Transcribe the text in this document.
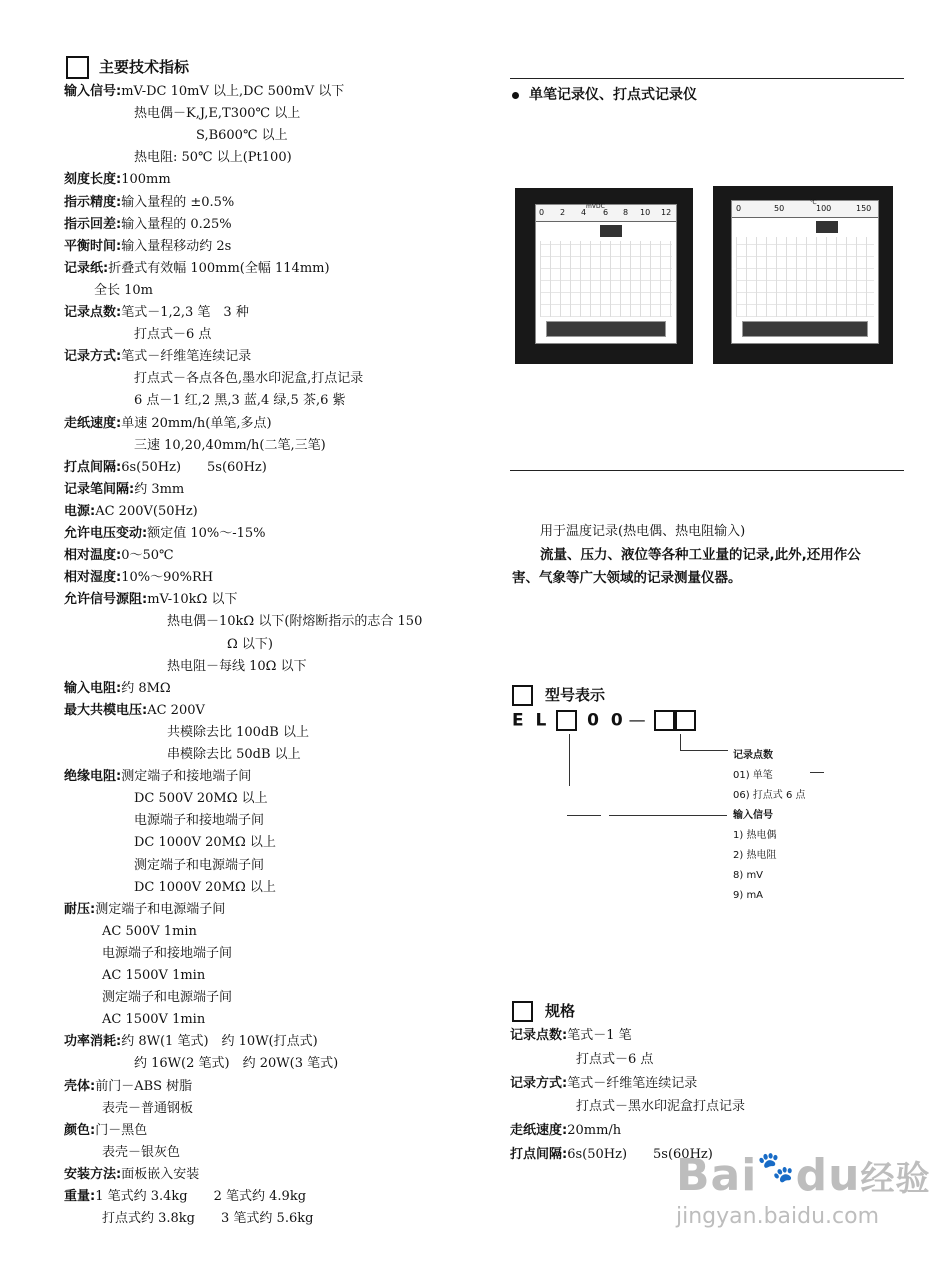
主要技术指标
输入信号:mV-DC 10mV 以上,DC 500mV 以下
热电偶－K,J,E,T300℃ 以上
S,B600℃ 以上
热电阻: 50℃ 以上(Pt100)
刻度长度:100mm
指示精度:输入量程的 ±0.5%
指示回差:输入量程的 0.25%
平衡时间:输入量程移动约 2s
记录纸:折叠式有效幅 100mm(全幅 114mm)
全长 10m
记录点数:笔式－1,2,3 笔　3 种
打点式－6 点
记录方式:笔式－纤维笔连续记录
打点式－各点各色,墨水印泥盒,打点记录
6 点－1 红,2 黑,3 蓝,4 绿,5 茶,6 紫
走纸速度:单速 20mm/h(单笔,多点)
三速 10,20,40mm/h(二笔,三笔)
打点间隔:6s(50Hz)　　5s(60Hz)
记录笔间隔:约 3mm
电源:AC 200V(50Hz)
允许电压变动:额定值 10%～-15%
相对温度:0～50℃
相对湿度:10%～90%RH
允许信号源阻:mV-10kΩ 以下
热电偶－10kΩ 以下(附熔断指示的志合 150
Ω 以下)
热电阻－每线 10Ω 以下
输入电阻:约 8MΩ
最大共模电压:AC 200V
共模除去比 100dB 以上
串模除去比 50dB 以上
绝缘电阻:测定端子和接地端子间
DC 500V 20MΩ 以上
电源端子和接地端子间
DC 1000V 20MΩ 以上
测定端子和电源端子间
DC 1000V 20MΩ 以上
耐压:测定端子和电源端子间
AC 500V 1min
电源端子和接地端子间
AC 1500V 1min
测定端子和电源端子间
AC 1500V 1min
功率消耗:约 8W(1 笔式)　约 10W(打点式)
约 16W(2 笔式)　约 20W(3 笔式)
壳体:前门－ABS 树脂
表壳－普通钢板
颜色:门－黑色
表壳－银灰色
安装方法:面板嵌入安装
重量:1 笔式约 3.4kg　　2 笔式约 4.9kg
打点式约 3.8kg　　3 笔式约 5.6kg
单笔记录仪、打点式记录仪
mVDC
0 2 4 6 8 10 12
℃
0	50	100	150
用于温度记录(热电偶、热电阻输入)
流量、压力、液位等各种工业量的记录,此外,还用作公
害、气象等广大领域的记录测量仪器。
型号表示
E L 0 0 —
记录点数
01) 单笔
06) 打点式 6 点
输入信号
1) 热电偶
2) 热电阻
8) mV
9) mA
规格
记录点数:笔式－1 笔
打点式－6 点
记录方式:笔式－纤维笔连续记录
打点式－黑水印泥盒打点记录
走纸速度:20mm/h
打点间隔:6s(50Hz)　　5s(60Hz)
Bai🐾du经验
jingyan.baidu.com
